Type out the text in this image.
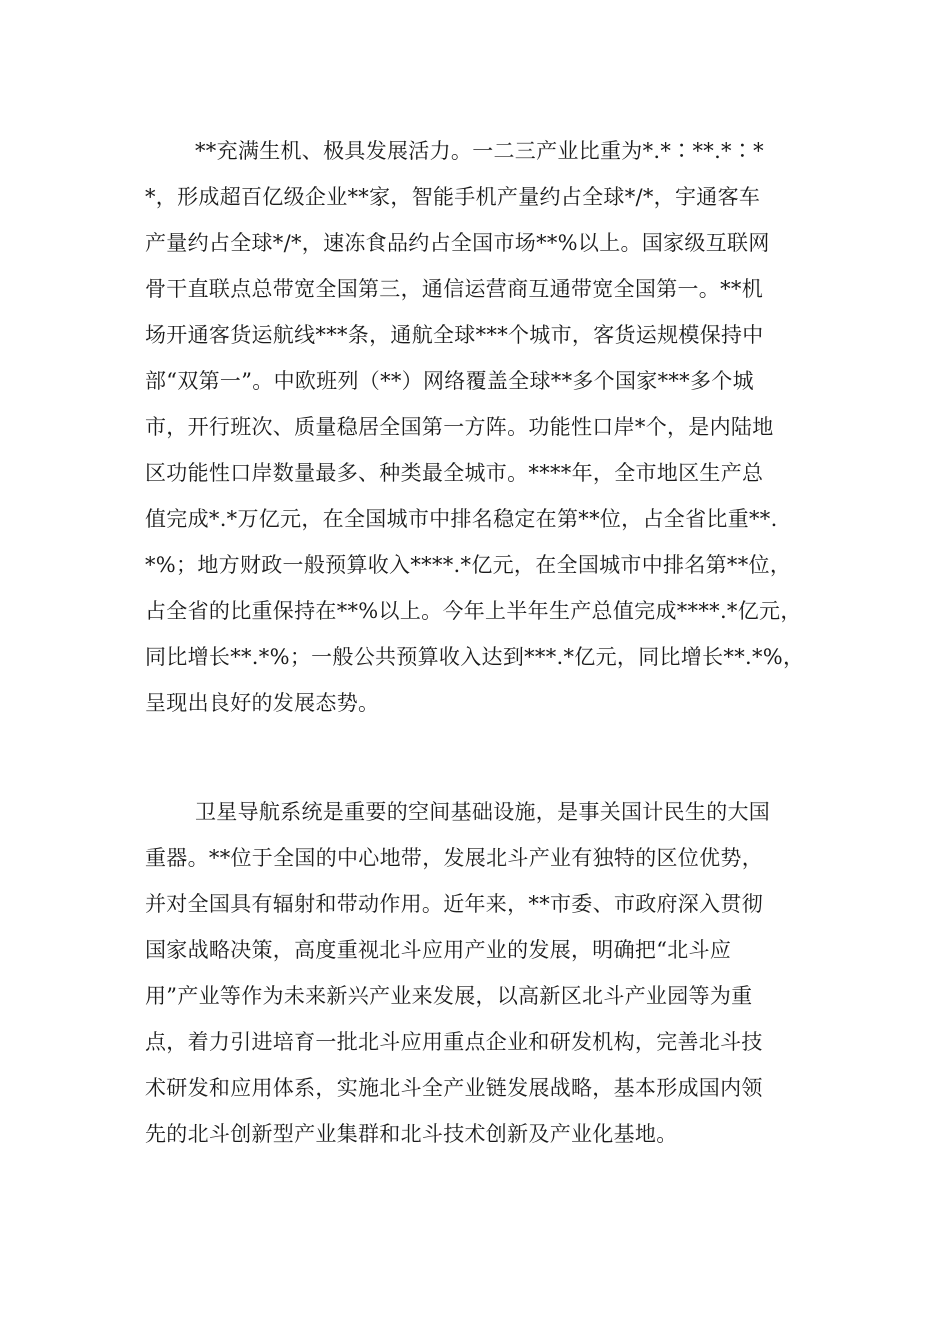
**充满生机、极具发展活力。一二三产业比重为*.*∶**.*∶*
*，形成超百亿级企业**家，智能手机产量约占全球*/*，宇通客车
产量约占全球*/*，速冻食品约占全国市场**%以上。国家级互联网
骨干直联点总带宽全国第三，通信运营商互通带宽全国第一。**机
场开通客货运航线***条，通航全球***个城市，客货运规模保持中
部“双第一”。中欧班列（**）网络覆盖全球**多个国家***多个城
市，开行班次、质量稳居全国第一方阵。功能性口岸*个，是内陆地
区功能性口岸数量最多、种类最全城市。****年，全市地区生产总
值完成*.*万亿元，在全国城市中排名稳定在第**位，占全省比重**.
*%；地方财政一般预算收入****.*亿元，在全国城市中排名第**位，
占全省的比重保持在**%以上。今年上半年生产总值完成****.*亿元，
同比增长**.*%；一般公共预算收入达到***.*亿元，同比增长**.*%，
呈现出良好的发展态势。
卫星导航系统是重要的空间基础设施，是事关国计民生的大国
重器。**位于全国的中心地带，发展北斗产业有独特的区位优势，
并对全国具有辐射和带动作用。近年来，**市委、市政府深入贯彻
国家战略决策，高度重视北斗应用产业的发展，明确把“北斗应
用”产业等作为未来新兴产业来发展，以高新区北斗产业园等为重
点，着力引进培育一批北斗应用重点企业和研发机构，完善北斗技
术研发和应用体系，实施北斗全产业链发展战略，基本形成国内领
先的北斗创新型产业集群和北斗技术创新及产业化基地。
